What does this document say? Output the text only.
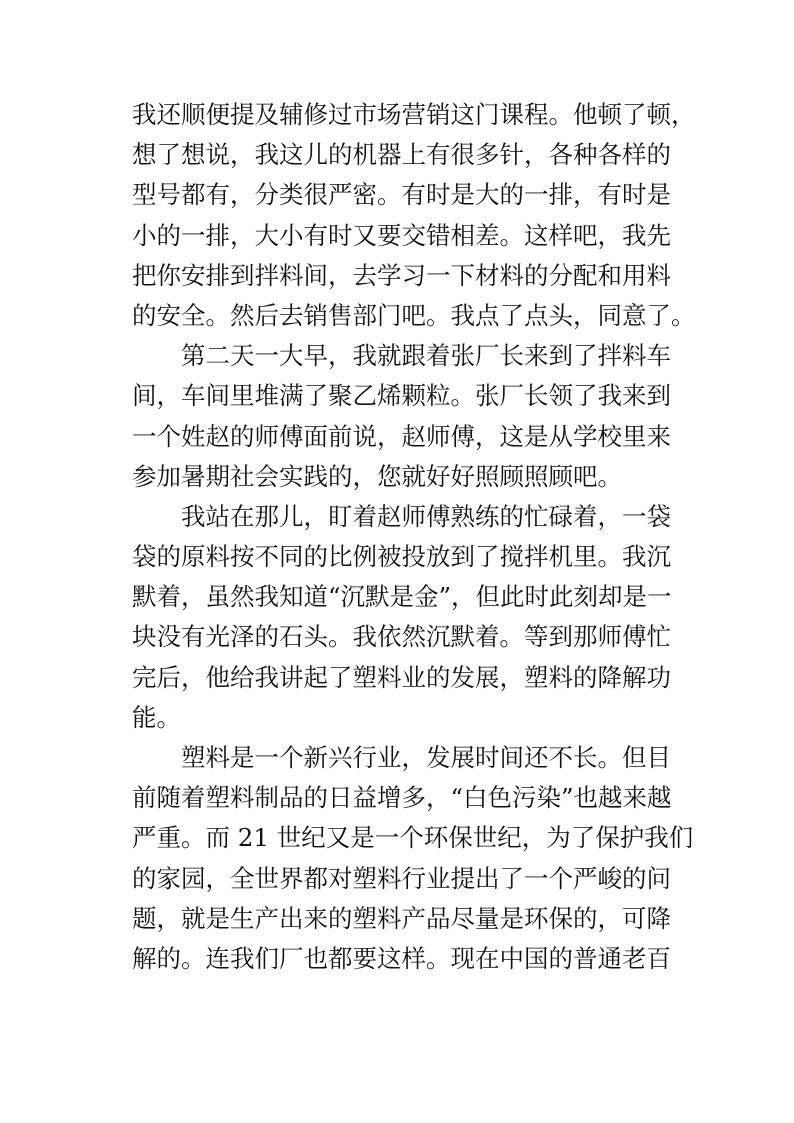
我还顺便提及辅修过市场营销这门课程。他顿了顿，
想了想说，我这儿的机器上有很多针，各种各样的
型号都有，分类很严密。有时是大的一排，有时是
小的一排，大小有时又要交错相差。这样吧，我先
把你安排到拌料间，去学习一下材料的分配和用料
的安全。然后去销售部门吧。我点了点头，同意了。
第二天一大早，我就跟着张厂长来到了拌料车
间，车间里堆满了聚乙烯颗粒。张厂长领了我来到
一个姓赵的师傅面前说，赵师傅，这是从学校里来
参加暑期社会实践的，您就好好照顾照顾吧。
我站在那儿，盯着赵师傅熟练的忙碌着，一袋
袋的原料按不同的比例被投放到了搅拌机里。我沉
默着，虽然我知道“沉默是金”，但此时此刻却是一
块没有光泽的石头。我依然沉默着。等到那师傅忙
完后，他给我讲起了塑料业的发展，塑料的降解功
能。
塑料是一个新兴行业，发展时间还不长。但目
前随着塑料制品的日益增多，“白色污染”也越来越
严重。而 21 世纪又是一个环保世纪，为了保护我们
的家园，全世界都对塑料行业提出了一个严峻的问
题，就是生产出来的塑料产品尽量是环保的，可降
解的。连我们厂也都要这样。现在中国的普通老百
